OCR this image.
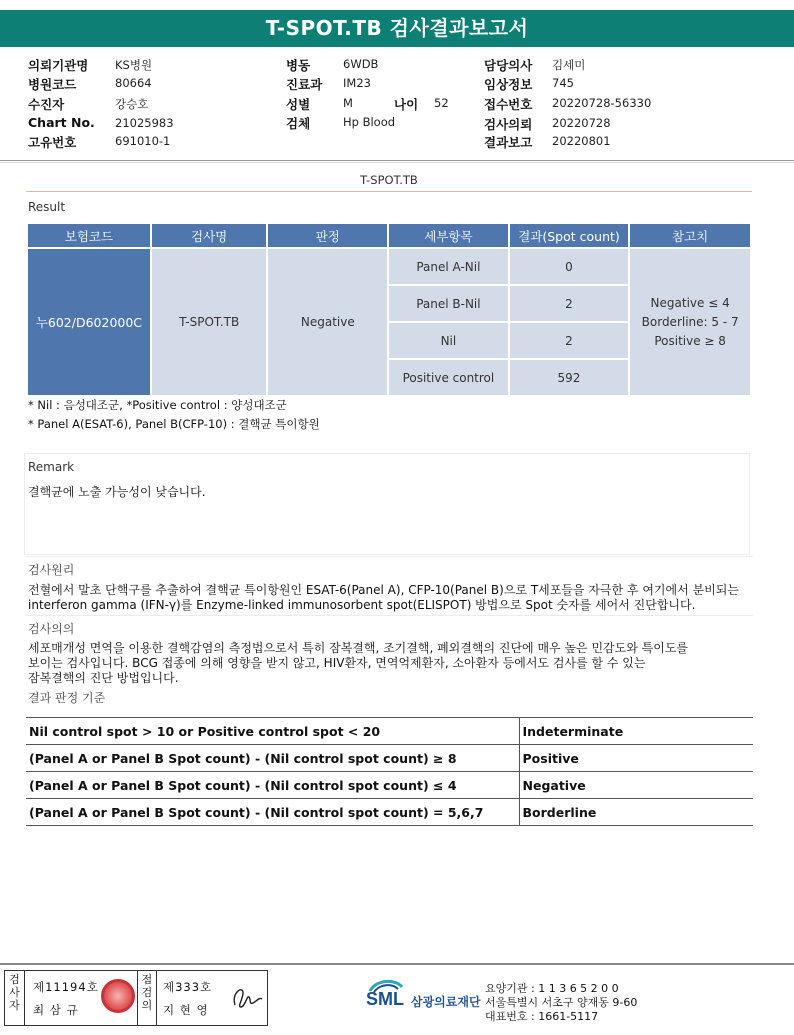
T-SPOT.TB 검사결과보고서
의뢰기관명 KS병원
병원코드	80664
수진자	강승호
Chart No. 21025983
고유번호	691010-1
병동	6WDB
진료과 IM23
성별	M	나이 52
검체	Hp Blood
담당의사 김세미
임상정보 745
접수번호 20220728-56330
검사의뢰 20220728
결과보고 20220801
T-SPOT.TB
Result
보험코드	검사명	판정	세부항목	결과(Spot count)	참고치
누602/D602000C	T-SPOT.TB	Negative	Panel A-Nil	0	Negative ≤ 4
Borderline: 5 - 7
Positive ≥ 8

			Panel B-Nil	2	
			Nil	2	
			Positive control	592	
* Nil : 음성대조군, *Positive control : 양성대조군
* Panel A(ESAT-6), Panel B(CFP-10) : 결핵균 특이항원
Remark
결핵균에 노출 가능성이 낮습니다.
검사원리
전혈에서 말초 단핵구를 추출하여 결핵균 특이항원인 ESAT-6(Panel A), CFP-10(Panel B)으로 T세포들을 자극한 후 여기에서 분비되는
interferon gamma (IFN-γ)를 Enzyme-linked immunosorbent spot(ELISPOT) 방법으로 Spot 숫자를 세어서 진단합니다.
검사의의
세포매개성 면역을 이용한 결핵감염의 측정법으로서 특히 잠복결핵, 조기결핵, 폐외결핵의 진단에 매우 높은 민감도와 특이도를
보이는 검사입니다. BCG 접종에 의해 영향을 받지 않고, HIV환자, 면역억제환자, 소아환자 등에서도 검사를 할 수 있는
잠복결핵의 진단 방법입니다.
결과 판정 기준
Nil control spot > 10 or Positive control spot < 20	Indeterminate
(Panel A or Panel B Spot count) - (Nil control spot count) ≥ 8	Positive
(Panel A or Panel B Spot count) - (Nil control spot count) ≤ 4	Negative
(Panel A or Panel B Spot count) - (Nil control spot count) = 5,6,7	Borderline
검사자
제11194호
최 삼 규
점검의
제333호
지 현 영
SML 삼광의료재단
요양기관 : 1 1 3 6 5 2 0 0
서울특별시 서초구 양재동 9-60
대표번호 : 1661-5117
